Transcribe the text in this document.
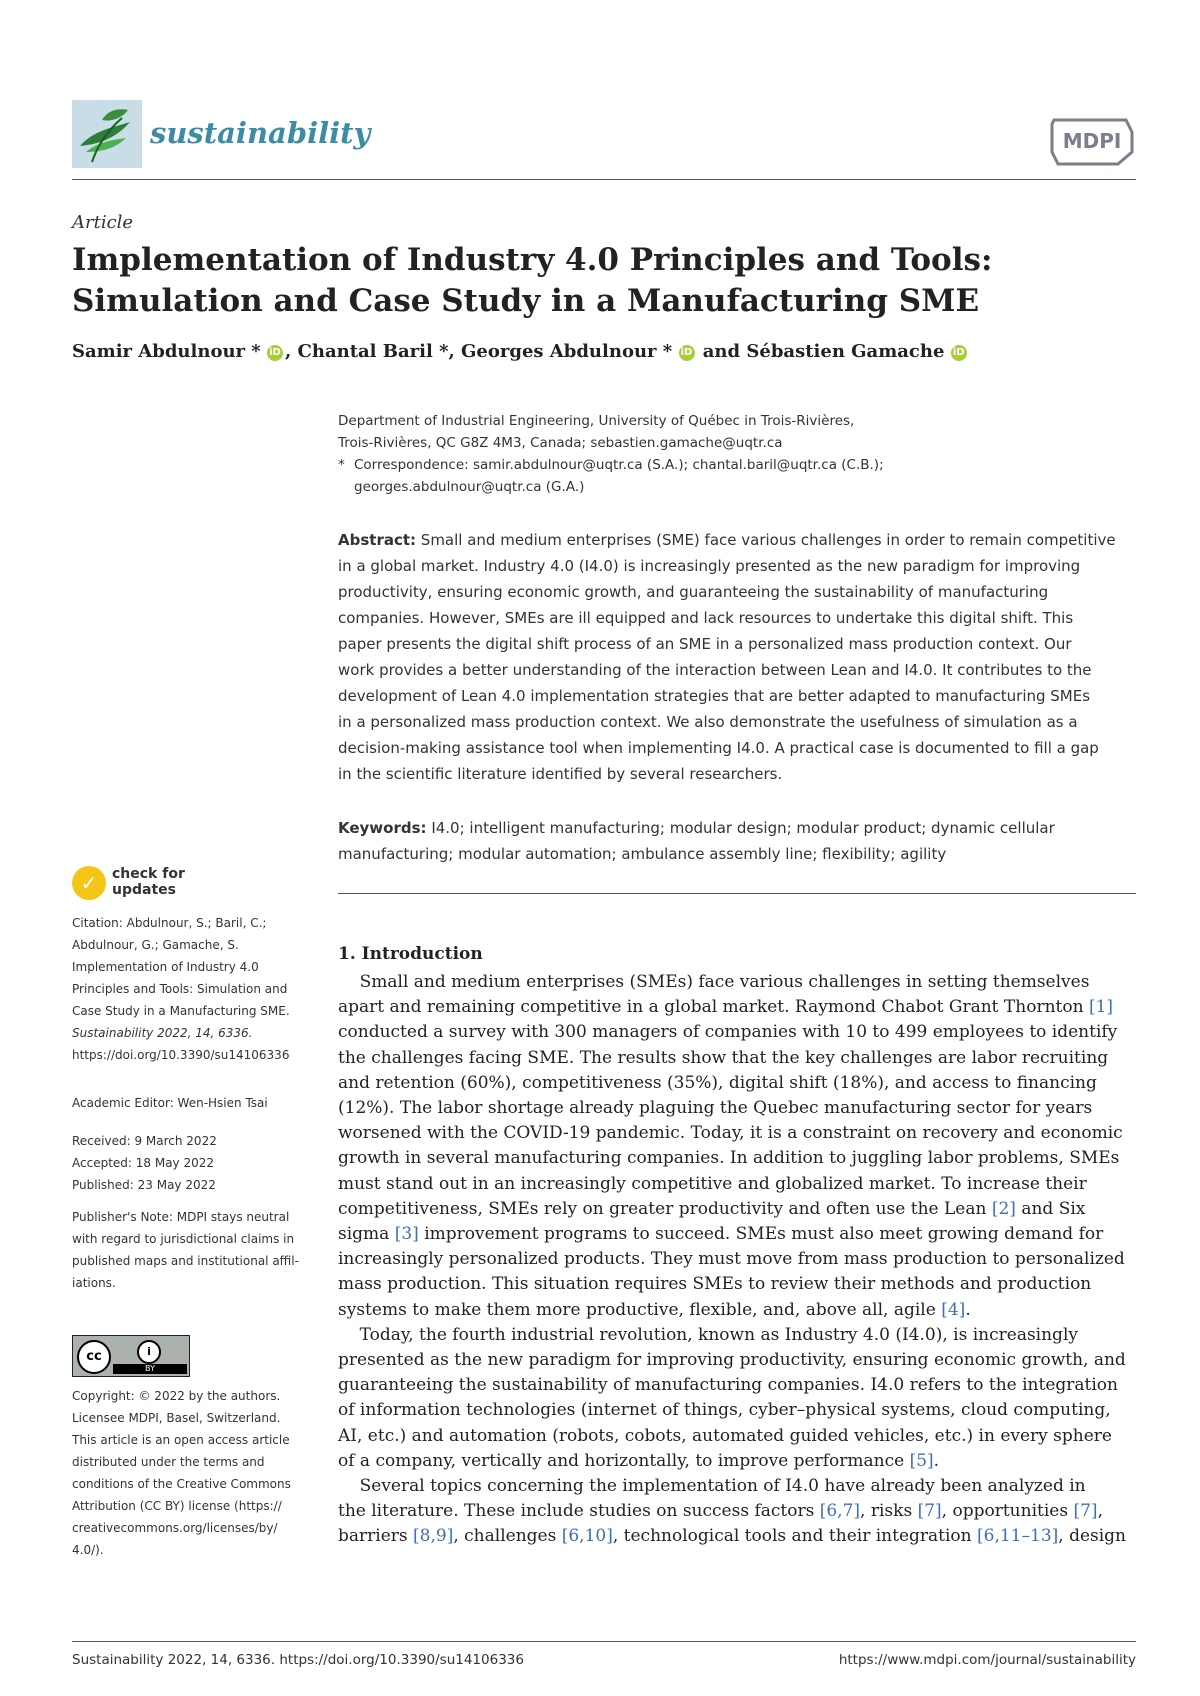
sustainability	MDPI
Article
Implementation of Industry 4.0 Principles and Tools:
Simulation and Case Study in a Manufacturing SME
Samir Abdulnour * iD , Chantal Baril *, Georges Abdulnour * iD and Sébastien Gamache iD
Department of Industrial Engineering, University of Québec in Trois-Rivières,
Trois-Rivières, QC G8Z 4M3, Canada; sebastien.gamache@uqtr.ca
* Correspondence: samir.abdulnour@uqtr.ca (S.A.); chantal.baril@uqtr.ca (C.B.);
georges.abdulnour@uqtr.ca (G.A.)
Abstract: Small and medium enterprises (SME) face various challenges in order to remain competitive
in a global market. Industry 4.0 (I4.0) is increasingly presented as the new paradigm for improving
productivity, ensuring economic growth, and guaranteeing the sustainability of manufacturing
companies. However, SMEs are ill equipped and lack resources to undertake this digital shift. This
paper presents the digital shift process of an SME in a personalized mass production context. Our
work provides a better understanding of the interaction between Lean and I4.0. It contributes to the
development of Lean 4.0 implementation strategies that are better adapted to manufacturing SMEs
in a personalized mass production context. We also demonstrate the usefulness of simulation as a
decision-making assistance tool when implementing I4.0. A practical case is documented to fill a gap
in the scientific literature identified by several researchers.
Keywords: I4.0; intelligent manufacturing; modular design; modular product; dynamic cellular
manufacturing; modular automation; ambulance assembly line; flexibility; agility
✓	check for
updates
Citation: Abdulnour, S.; Baril, C.;
Abdulnour, G.; Gamache, S.
Implementation of Industry 4.0
Principles and Tools: Simulation and
Case Study in a Manufacturing SME.
Sustainability 2022, 14, 6336.
https://doi.org/10.3390/su14106336
Academic Editor: Wen-Hsien Tsai
Received: 9 March 2022
Accepted: 18 May 2022
Published: 23 May 2022
Publisher's Note: MDPI stays neutral
with regard to jurisdictional claims in
published maps and institutional affil-
iations.
cc	i
BY
Copyright: © 2022 by the authors.
Licensee MDPI, Basel, Switzerland.
This article is an open access article
distributed under the terms and
conditions of the Creative Commons
Attribution (CC BY) license (https://
creativecommons.org/licenses/by/
4.0/).
1. Introduction
Small and medium enterprises (SMEs) face various challenges in setting themselves
apart and remaining competitive in a global market. Raymond Chabot Grant Thornton [1]
conducted a survey with 300 managers of companies with 10 to 499 employees to identify
the challenges facing SME. The results show that the key challenges are labor recruiting
and retention (60%), competitiveness (35%), digital shift (18%), and access to financing
(12%). The labor shortage already plaguing the Quebec manufacturing sector for years
worsened with the COVID-19 pandemic. Today, it is a constraint on recovery and economic
growth in several manufacturing companies. In addition to juggling labor problems, SMEs
must stand out in an increasingly competitive and globalized market. To increase their
competitiveness, SMEs rely on greater productivity and often use the Lean [2] and Six
sigma [3] improvement programs to succeed. SMEs must also meet growing demand for
increasingly personalized products. They must move from mass production to personalized
mass production. This situation requires SMEs to review their methods and production
systems to make them more productive, flexible, and, above all, agile [4].
Today, the fourth industrial revolution, known as Industry 4.0 (I4.0), is increasingly
presented as the new paradigm for improving productivity, ensuring economic growth, and
guaranteeing the sustainability of manufacturing companies. I4.0 refers to the integration
of information technologies (internet of things, cyber–physical systems, cloud computing,
AI, etc.) and automation (robots, cobots, automated guided vehicles, etc.) in every sphere
of a company, vertically and horizontally, to improve performance [5].
Several topics concerning the implementation of I4.0 have already been analyzed in
the literature. These include studies on success factors [6,7], risks [7], opportunities [7],
barriers [8,9], challenges [6,10], technological tools and their integration [6,11–13], design
Sustainability 2022, 14, 6336. https://doi.org/10.3390/su14106336	https://www.mdpi.com/journal/sustainability
